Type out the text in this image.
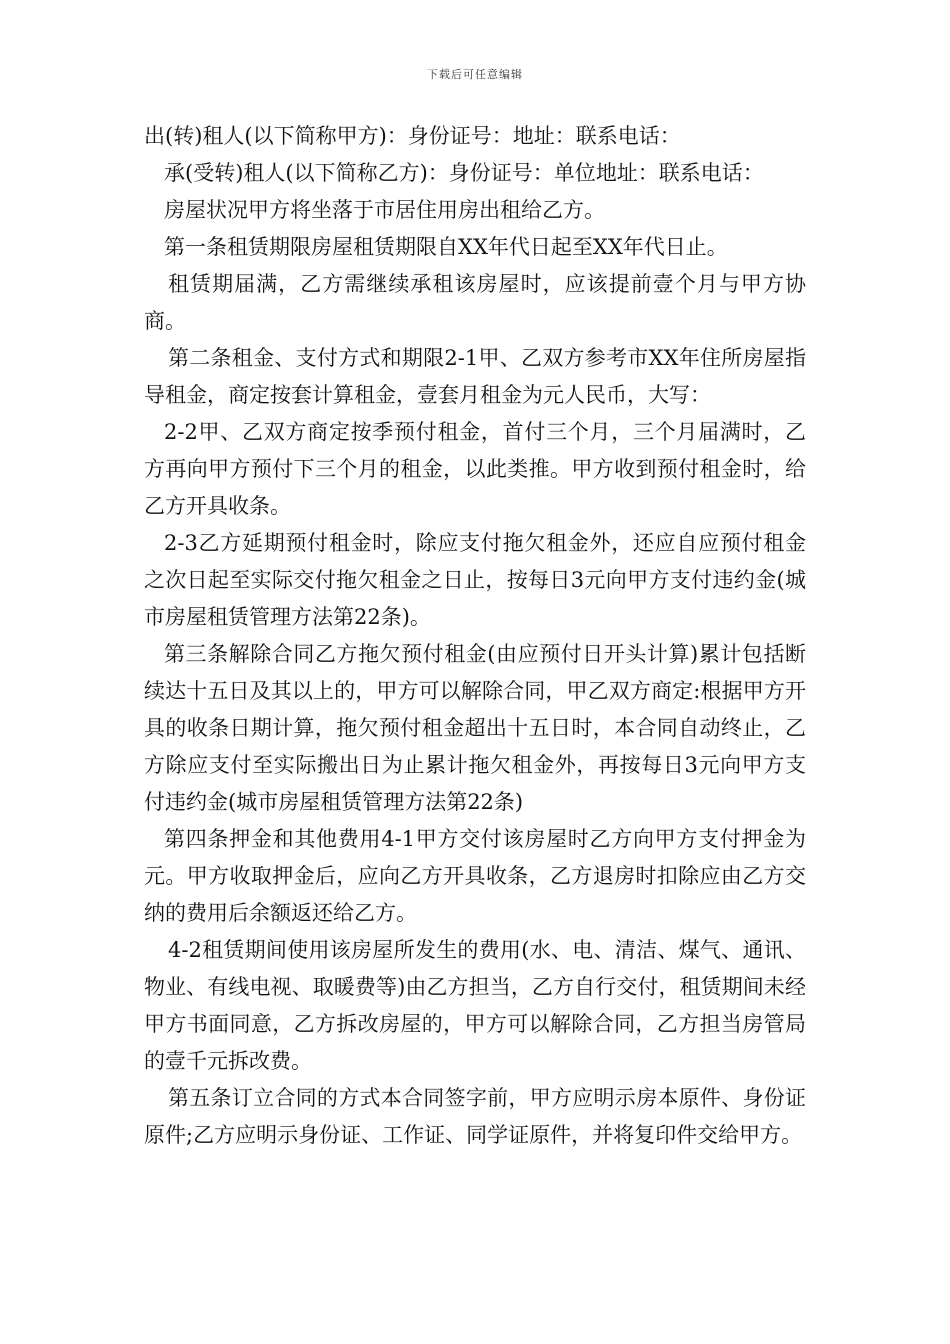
下载后可任意编辑

出(转)租人(以下简称甲方)：身份证号：地址：联系电话：

承(受转)租人(以下简称乙方)：身份证号：单位地址：联系电话：

房屋状况甲方将坐落于市居住用房出租给乙方。

第一条租赁期限房屋租赁期限自XX年代日起至XX年代日止。

租赁期届满，乙方需继续承租该房屋时，应该提前壹个月与甲方协商。

第二条租金、支付方式和期限2-1甲、乙双方参考市XX年住所房屋指导租金，商定按套计算租金，壹套月租金为元人民币，大写：

2-2甲、乙双方商定按季预付租金，首付三个月，三个月届满时，乙方再向甲方预付下三个月的租金，以此类推。甲方收到预付租金时，给乙方开具收条。

2-3乙方延期预付租金时，除应支付拖欠租金外，还应自应预付租金之次日起至实际交付拖欠租金之日止，按每日3元向甲方支付违约金(城市房屋租赁管理方法第22条)。

第三条解除合同乙方拖欠预付租金(由应预付日开头计算)累计包括断续达十五日及其以上的，甲方可以解除合同，甲乙双方商定:根据甲方开具的收条日期计算，拖欠预付租金超出十五日时，本合同自动终止，乙方除应支付至实际搬出日为止累计拖欠租金外，再按每日3元向甲方支付违约金(城市房屋租赁管理方法第22条)

第四条押金和其他费用4-1甲方交付该房屋时乙方向甲方支付押金为元。甲方收取押金后，应向乙方开具收条，乙方退房时扣除应由乙方交纳的费用后余额返还给乙方。

4-2租赁期间使用该房屋所发生的费用(水、电、清洁、煤气、通讯、物业、有线电视、取暖费等)由乙方担当，乙方自行交付，租赁期间未经甲方书面同意，乙方拆改房屋的，甲方可以解除合同，乙方担当房管局的壹千元拆改费。

第五条订立合同的方式本合同签字前，甲方应明示房本原件、身份证原件;乙方应明示身份证、工作证、同学证原件，并将复印件交给甲方。
